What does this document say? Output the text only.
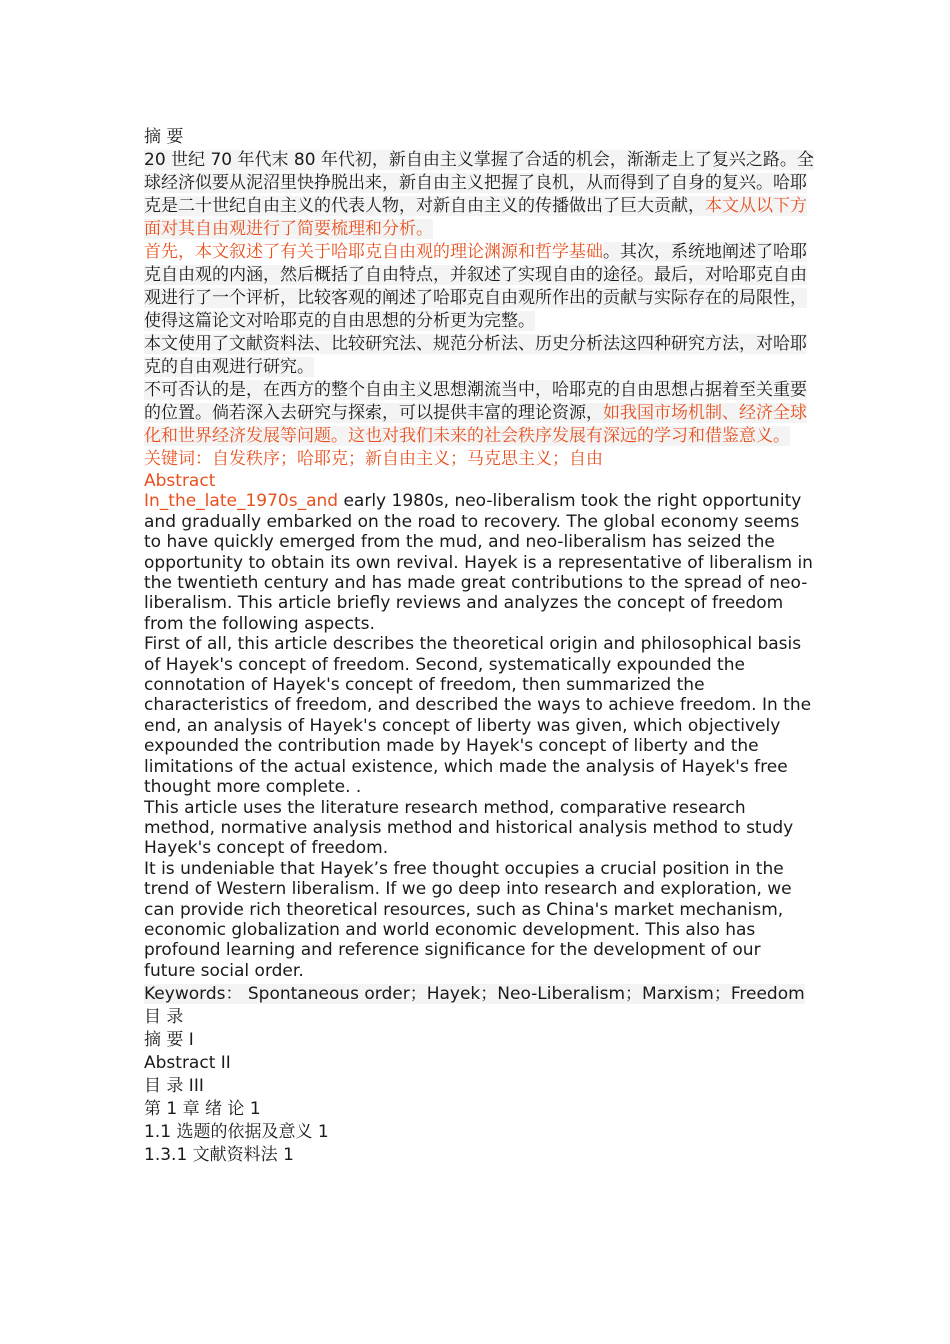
摘 要

20 世纪 70 年代末 80 年代初，新自由主义掌握了合适的机会，渐渐走上了复兴之路。全球经济似要从泥沼里快挣脱出来，新自由主义把握了良机，从而得到了自身的复兴。哈耶克是二十世纪自由主义的代表人物，对新自由主义的传播做出了巨大贡献，本文从以下方面对其自由观进行了简要梳理和分析。

首先，本文叙述了有关于哈耶克自由观的理论渊源和哲学基础。其次，系统地阐述了哈耶克自由观的内涵，然后概括了自由特点，并叙述了实现自由的途径。最后，对哈耶克自由观进行了一个评析，比较客观的阐述了哈耶克自由观所作出的贡献与实际存在的局限性，使得这篇论文对哈耶克的自由思想的分析更为完整。

本文使用了文献资料法、比较研究法、规范分析法、历史分析法这四种研究方法，对哈耶克的自由观进行研究。

不可否认的是，在西方的整个自由主义思想潮流当中，哈耶克的自由思想占据着至关重要的位置。倘若深入去研究与探索，可以提供丰富的理论资源，如我国市场机制、经济全球化和世界经济发展等问题。这也对我们未来的社会秩序发展有深远的学习和借鉴意义。

关键词：自发秩序；哈耶克；新自由主义；马克思主义；自由

Abstract

In_the_late_1970s_and early 1980s, neo-liberalism took the right opportunity and gradually embarked on the road to recovery. The global economy seems to have quickly emerged from the mud, and neo-liberalism has seized the opportunity to obtain its own revival. Hayek is a representative of liberalism in the twentieth century and has made great contributions to the spread of neo-liberalism. This article briefly reviews and analyzes the concept of freedom from the following aspects.

First of all, this article describes the theoretical origin and philosophical basis of Hayek's concept of freedom. Second, systematically expounded the connotation of Hayek's concept of freedom, then summarized the characteristics of freedom, and described the ways to achieve freedom. In the end, an analysis of Hayek's concept of liberty was given, which objectively expounded the contribution made by Hayek's concept of liberty and the limitations of the actual existence, which made the analysis of Hayek's free thought more complete. .

This article uses the literature research method, comparative research method, normative analysis method and historical analysis method to study Hayek's concept of freedom.

It is undeniable that Hayek’s free thought occupies a crucial position in the trend of Western liberalism. If we go deep into research and exploration, we can provide rich theoretical resources, such as China's market mechanism, economic globalization and world economic development. This also has profound learning and reference significance for the development of our future social order.

Keywords： Spontaneous order；Hayek；Neo-Liberalism；Marxism；Freedom

目 录

摘 要 I

Abstract II

目 录 III

第 1 章 绪 论 1

1.1 选题的依据及意义 1

1.3.1 文献资料法 1
